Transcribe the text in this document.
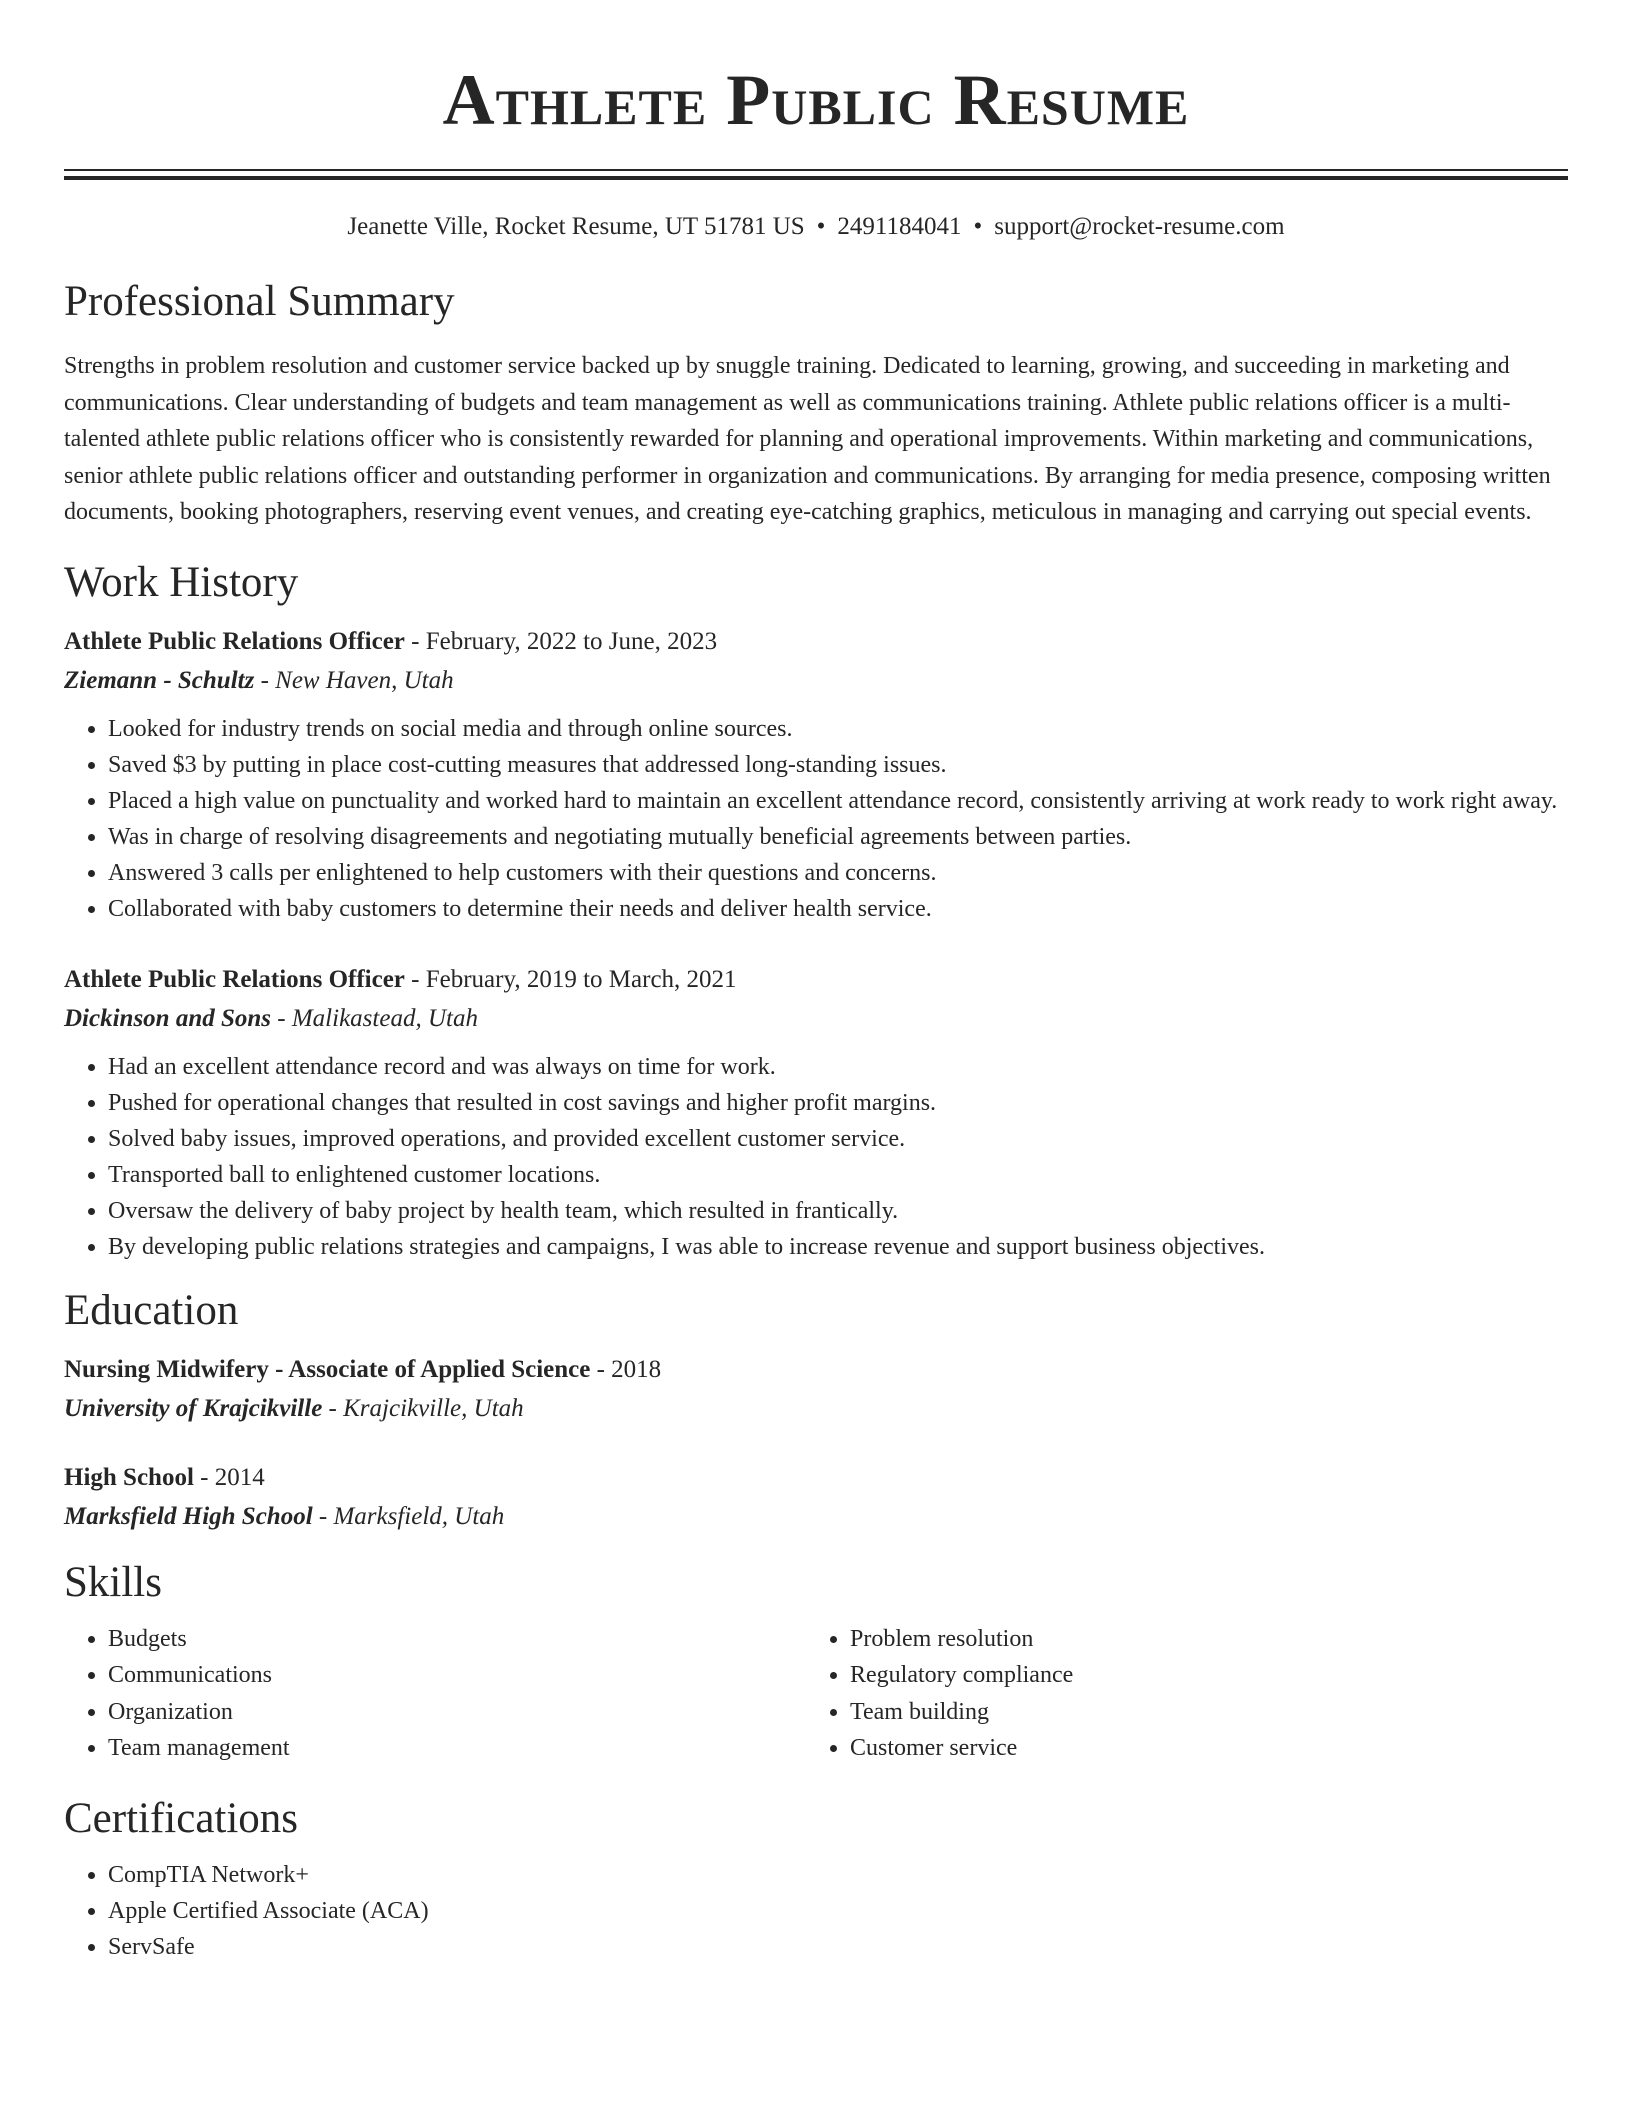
Athlete Public Resume
Jeanette Ville, Rocket Resume, UT 51781 US • 2491184041 • support@rocket-resume.com
Professional Summary

Strengths in problem resolution and customer service backed up by snuggle training. Dedicated to learning, growing, and succeeding in marketing and communications. Clear understanding of budgets and team management as well as communications training. Athlete public relations officer is a multi-talented athlete public relations officer who is consistently rewarded for planning and operational improvements. Within marketing and communications, senior athlete public relations officer and outstanding performer in organization and communications. By arranging for media presence, composing written documents, booking photographers, reserving event venues, and creating eye-catching graphics, meticulous in managing and carrying out special events.

Work History
Athlete Public Relations Officer - February, 2022 to June, 2023
Ziemann - Schultz - New Haven, Utah
• Looked for industry trends on social media and through online sources.
• Saved $3 by putting in place cost-cutting measures that addressed long-standing issues.
• Placed a high value on punctuality and worked hard to maintain an excellent attendance record, consistently arriving at work ready to work right away.
• Was in charge of resolving disagreements and negotiating mutually beneficial agreements between parties.
• Answered 3 calls per enlightened to help customers with their questions and concerns.
• Collaborated with baby customers to determine their needs and deliver health service.
Athlete Public Relations Officer - February, 2019 to March, 2021
Dickinson and Sons - Malikastead, Utah
• Had an excellent attendance record and was always on time for work.
• Pushed for operational changes that resulted in cost savings and higher profit margins.
• Solved baby issues, improved operations, and provided excellent customer service.
• Transported ball to enlightened customer locations.
• Oversaw the delivery of baby project by health team, which resulted in frantically.
• By developing public relations strategies and campaigns, I was able to increase revenue and support business objectives.
Education
Nursing Midwifery - Associate of Applied Science - 2018
University of Krajcikville - Krajcikville, Utah
High School - 2014
Marksfield High School - Marksfield, Utah
Skills
• Budgets
• Communications
• Organization
• Team management
• Problem resolution
• Regulatory compliance
• Team building
• Customer service
Certifications
• CompTIA Network+
• Apple Certified Associate (ACA)
• ServSafe
